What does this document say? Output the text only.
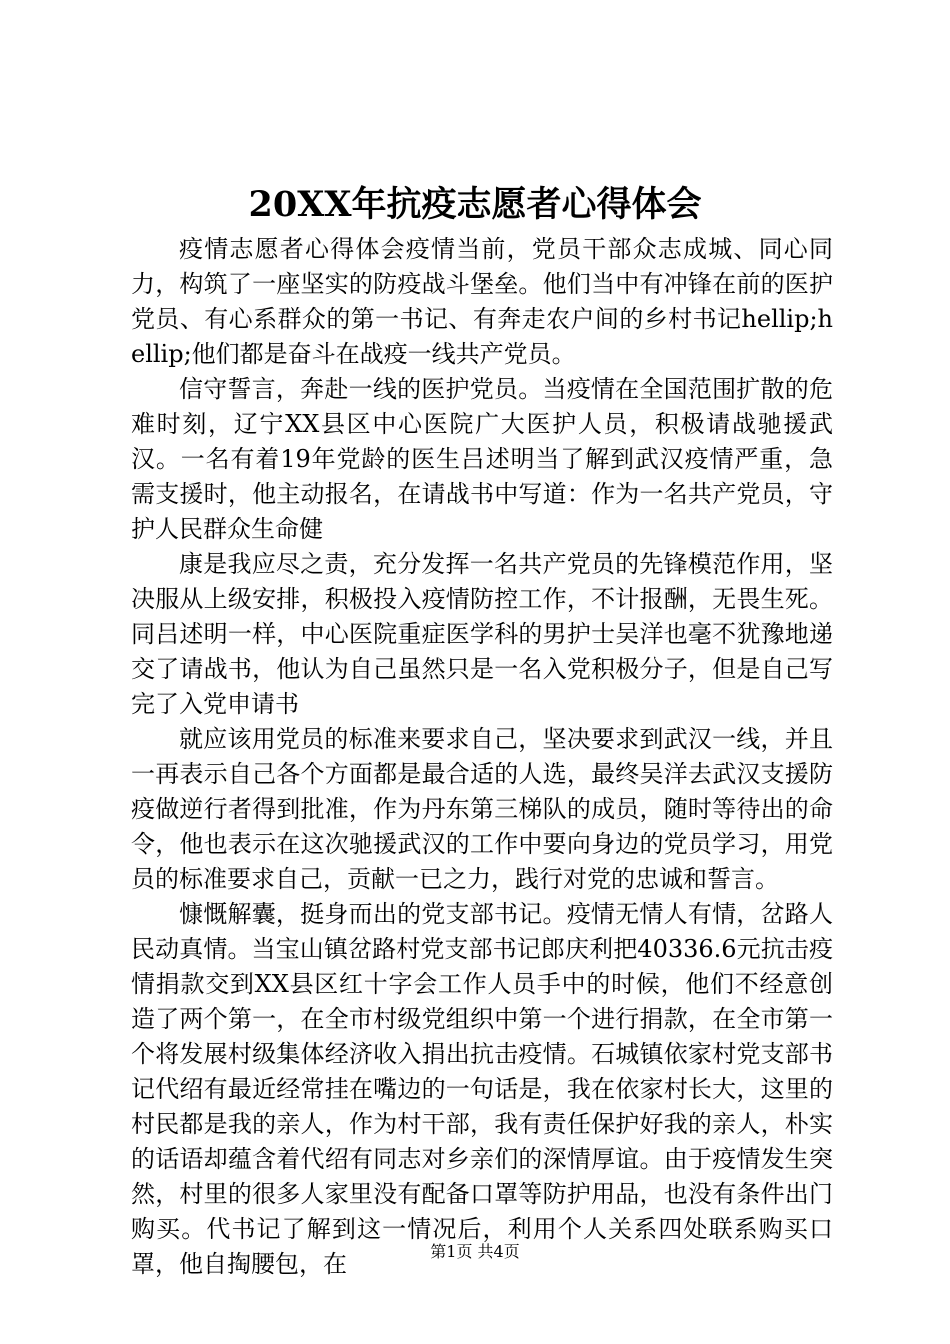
20XX年抗疫志愿者心得体会

疫情志愿者心得体会疫情当前，党员干部众志成城、同心同力，构筑了一座坚实的防疫战斗堡垒。他们当中有冲锋在前的医护党员、有心系群众的第一书记、有奔走农户间的乡村书记hellip;hellip;他们都是奋斗在战疫一线共产党员。

信守誓言，奔赴一线的医护党员。当疫情在全国范围扩散的危难时刻，辽宁XX县区中心医院广大医护人员，积极请战驰援武汉。一名有着19年党龄的医生吕述明当了解到武汉疫情严重，急需支援时，他主动报名，在请战书中写道：作为一名共产党员，守护人民群众生命健

康是我应尽之责，充分发挥一名共产党员的先锋模范作用，坚决服从上级安排，积极投入疫情防控工作，不计报酬，无畏生死。同吕述明一样，中心医院重症医学科的男护士吴洋也毫不犹豫地递交了请战书，他认为自己虽然只是一名入党积极分子，但是自己写完了入党申请书

就应该用党员的标准来要求自己，坚决要求到武汉一线，并且一再表示自己各个方面都是最合适的人选，最终吴洋去武汉支援防疫做逆行者得到批准，作为丹东第三梯队的成员，随时等待出的命令，他也表示在这次驰援武汉的工作中要向身边的党员学习，用党员的标准要求自己，贡献一已之力，践行对党的忠诚和誓言。

慷慨解囊，挺身而出的党支部书记。疫情无情人有情，岔路人民动真情。当宝山镇岔路村党支部书记郎庆利把40336.6元抗击疫情捐款交到XX县区红十字会工作人员手中的时候，他们不经意创造了两个第一，在全市村级党组织中第一个进行捐款，在全市第一个将发展村级集体经济收入捐出抗击疫情。石城镇依家村党支部书记代绍有最近经常挂在嘴边的一句话是，我在依家村长大，这里的村民都是我的亲人，作为村干部，我有责任保护好我的亲人，朴实的话语却蕴含着代绍有同志对乡亲们的深情厚谊。由于疫情发生突然，村里的很多人家里没有配备口罩等防护用品，也没有条件出门购买。代书记了解到这一情况后，利用个人关系四处联系购买口罩，他自掏腰包，在	第1页 共4页
